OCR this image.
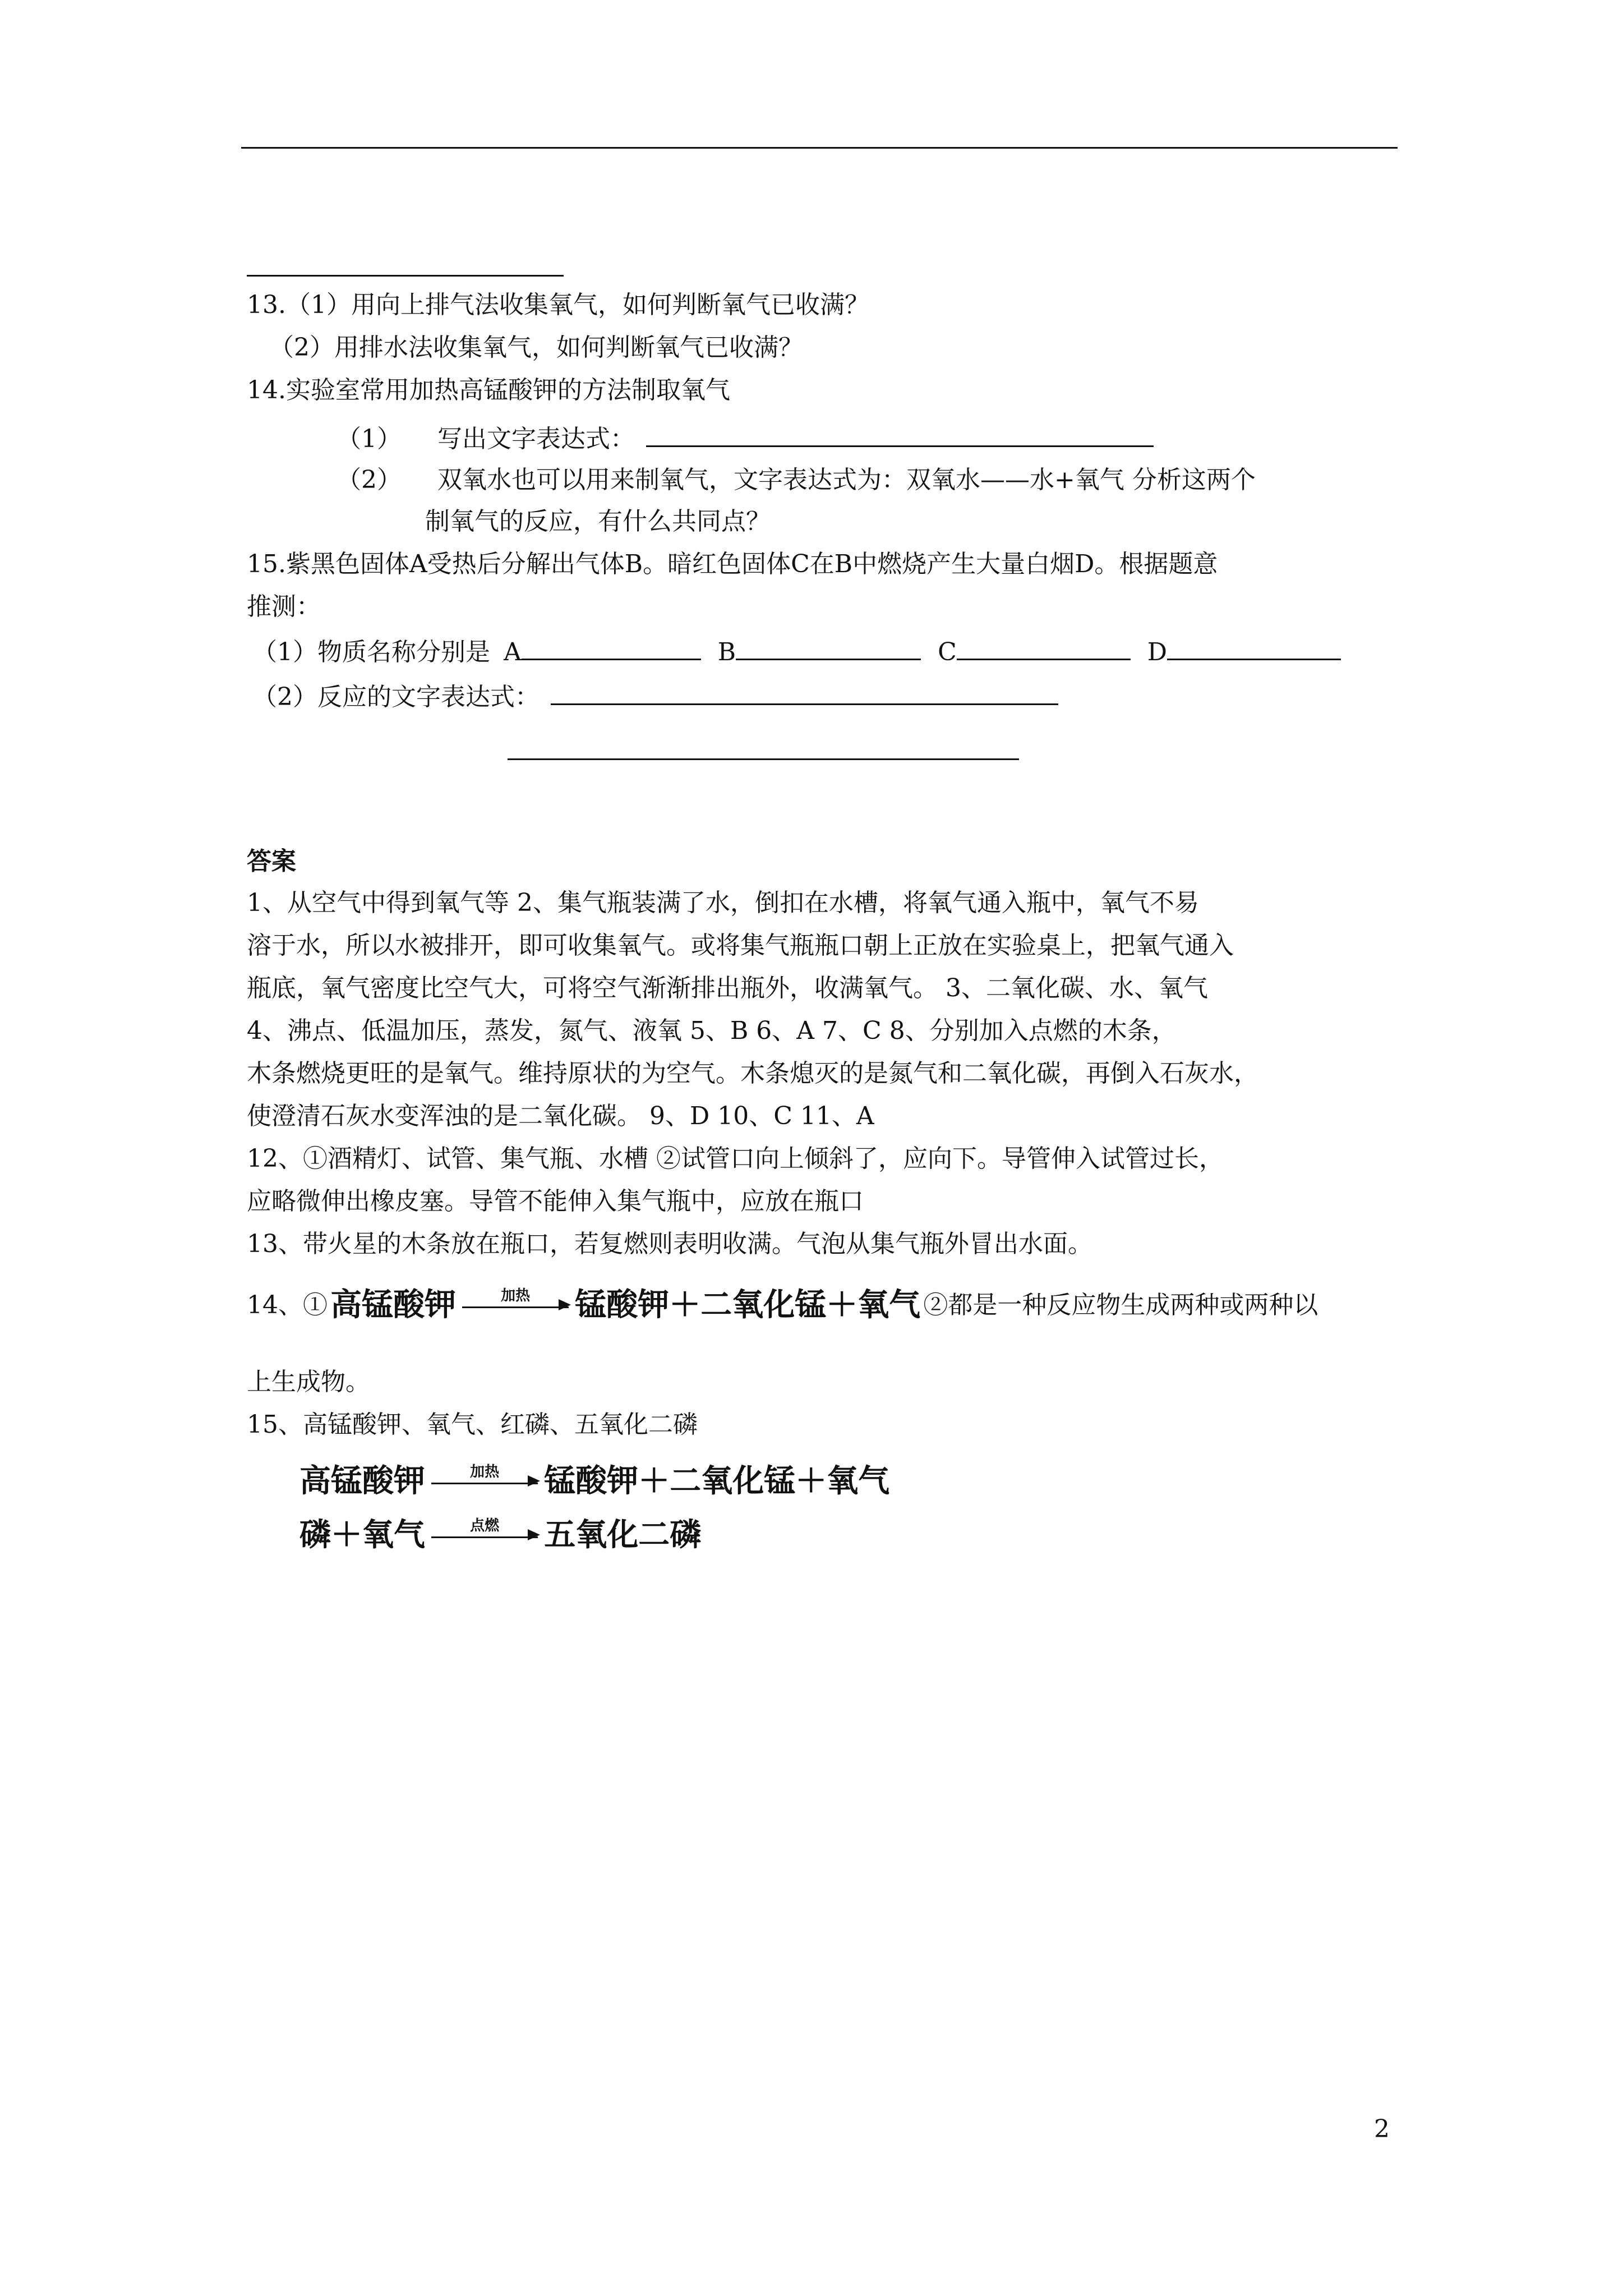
13.（1）用向上排气法收集氧气，如何判断氧气已收满？
（2）用排水法收集氧气，如何判断氧气已收满？
14.实验室常用加热高锰酸钾的方法制取氧气
（1） 写出文字表达式：
（2） 双氧水也可以用来制氧气，文字表达式为：双氧水——水+氧气 分析这两个
制氧气的反应，有什么共同点？
15.紫黑色固体A受热后分解出气体B。暗红色固体C在B中燃烧产生大量白烟D。根据题意
推测：
（1）物质名称分别是 A	B	C	D
（2）反应的文字表达式：
答案
1、从空气中得到氧气等 2、集气瓶装满了水，倒扣在水槽，将氧气通入瓶中，氧气不易
溶于水，所以水被排开，即可收集氧气。或将集气瓶瓶口朝上正放在实验桌上，把氧气通入
瓶底，氧气密度比空气大，可将空气渐渐排出瓶外，收满氧气。 3、二氧化碳、水、氧气
4、沸点、低温加压，蒸发，氮气、液氧 5、B 6、A 7、C 8、分别加入点燃的木条，
木条燃烧更旺的是氧气。维持原状的为空气。木条熄灭的是氮气和二氧化碳，再倒入石灰水，
使澄清石灰水变浑浊的是二氧化碳。 9、D 10、C 11、A
12、①酒精灯、试管、集气瓶、水槽 ②试管口向上倾斜了，应向下。导管伸入试管过长，
应略微伸出橡皮塞。导管不能伸入集气瓶中，应放在瓶口
13、带火星的木条放在瓶口，若复燃则表明收满。气泡从集气瓶外冒出水面。
14、① 高锰酸钾	加热	锰酸钾＋二氧化锰＋氧气 ②都是一种反应物生成两种或两种以
上生成物。
15、高锰酸钾、氧气、红磷、五氧化二磷
高锰酸钾	加热	锰酸钾＋二氧化锰＋氧气
磷＋氧气	点燃	五氧化二磷
2
